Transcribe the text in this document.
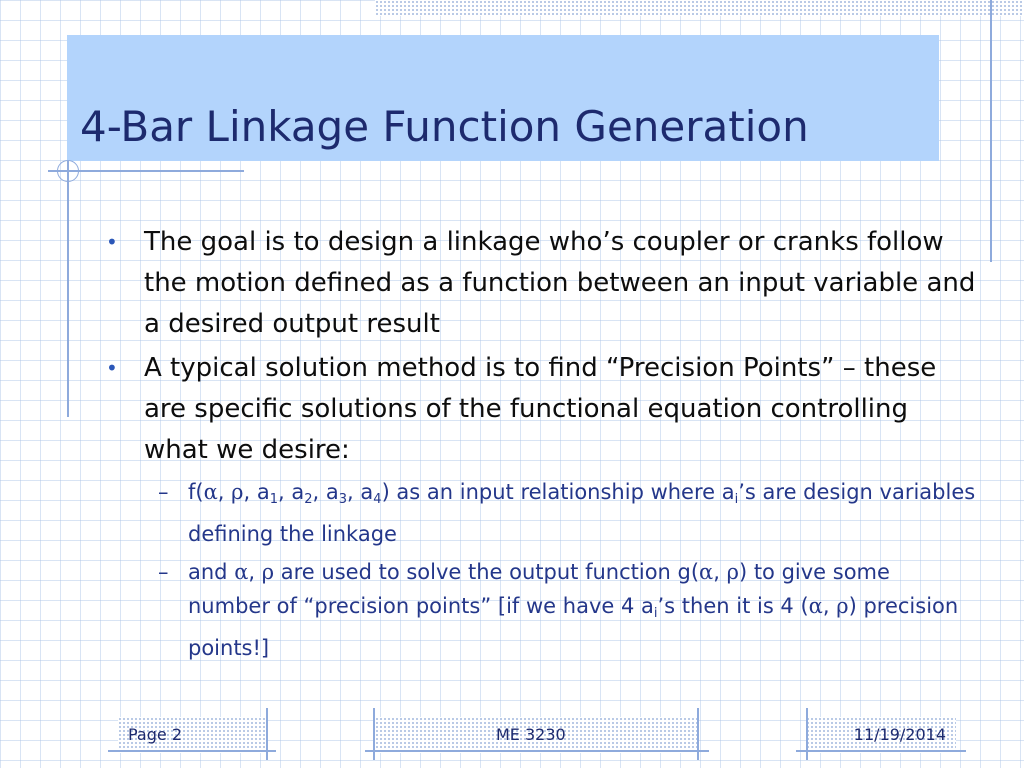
4-Bar Linkage Function Generation
• The goal is to design a linkage who’s coupler or cranks follow the motion defined as a function between an input variable and a desired output result
• A typical solution method is to find “Precision Points” – these are specific solutions of the functional equation controlling what we desire:
– f(α, ρ, $a_1$, $a_2$, $a_3$, $a_4$) as an input relationship where $a_i’s$ are design variables defining the linkage
– and α, ρ are used to solve the output function g(α, ρ) to give some number of “precision points” [if we have 4 $a_i’s$ then it is 4 (α, ρ) precision points!]
Page 2	ME 3230	11/19/2014
